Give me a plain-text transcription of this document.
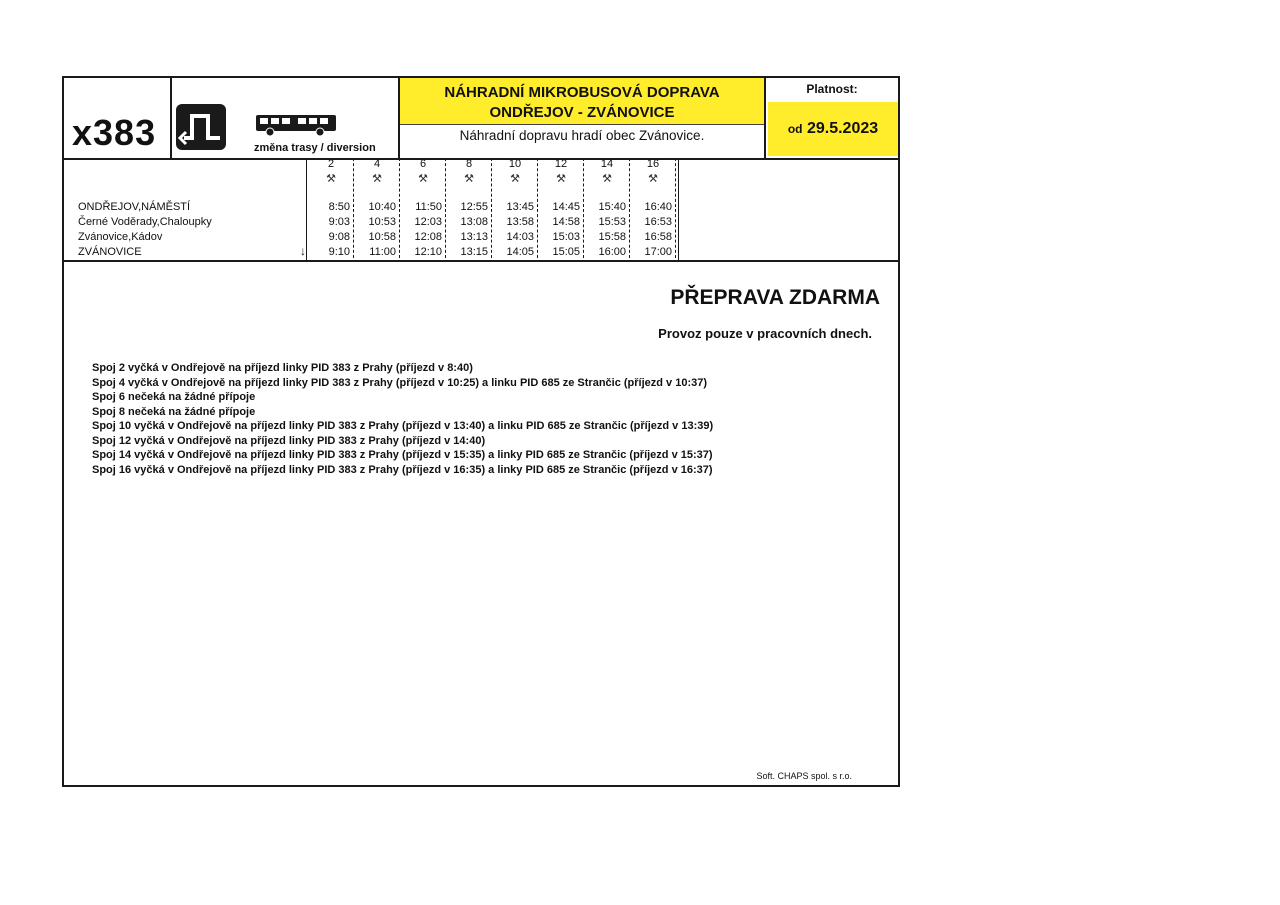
x383	změna trasy / diversion
NÁHRADNÍ MIKROBUSOVÁ DOPRAVA
ONDŘEJOV - ZVÁNOVICE
Náhradní dopravu hradí obec Zvánovice.
Platnost:
od 29.5.2023
↓
2
⚒
8:50
9:03
9:08
9:10
4
⚒
10:40
10:53
10:58
11:00
6
⚒
11:50
12:03
12:08
12:10
8
⚒
12:55
13:08
13:13
13:15
10
⚒
13:45
13:58
14:03
14:05
12
⚒
14:45
14:58
15:03
15:05
14
⚒
15:40
15:53
15:58
16:00
16
⚒
16:40
16:53
16:58
17:00
ONDŘEJOV,NÁMĚSTÍ
Černé Voděrady,Chaloupky
Zvánovice,Kádov
ZVÁNOVICE
PŘEPRAVA ZDARMA
Provoz pouze v pracovních dnech.
Spoj 2 vyčká v Ondřejově na příjezd linky PID 383 z Prahy (příjezd v 8:40)
Spoj 4 vyčká v Ondřejově na příjezd linky PID 383 z Prahy (příjezd v 10:25) a linku PID 685 ze Strančic (příjezd v 10:37)
Spoj 6 nečeká na žádné přípoje
Spoj 8 nečeká na žádné přípoje
Spoj 10 vyčká v Ondřejově na příjezd linky PID 383 z Prahy (příjezd v 13:40) a linku PID 685 ze Strančic (příjezd v 13:39)
Spoj 12 vyčká v Ondřejově na příjezd linky PID 383 z Prahy (příjezd v 14:40)
Spoj 14 vyčká v Ondřejově na příjezd linky PID 383 z Prahy (příjezd v 15:35) a linky PID 685 ze Strančic (příjezd v 15:37)
Spoj 16 vyčká v Ondřejově na příjezd linky PID 383 z Prahy (příjezd v 16:35) a linky PID 685 ze Strančic (příjezd v 16:37)
Soft. CHAPS spol. s r.o.
